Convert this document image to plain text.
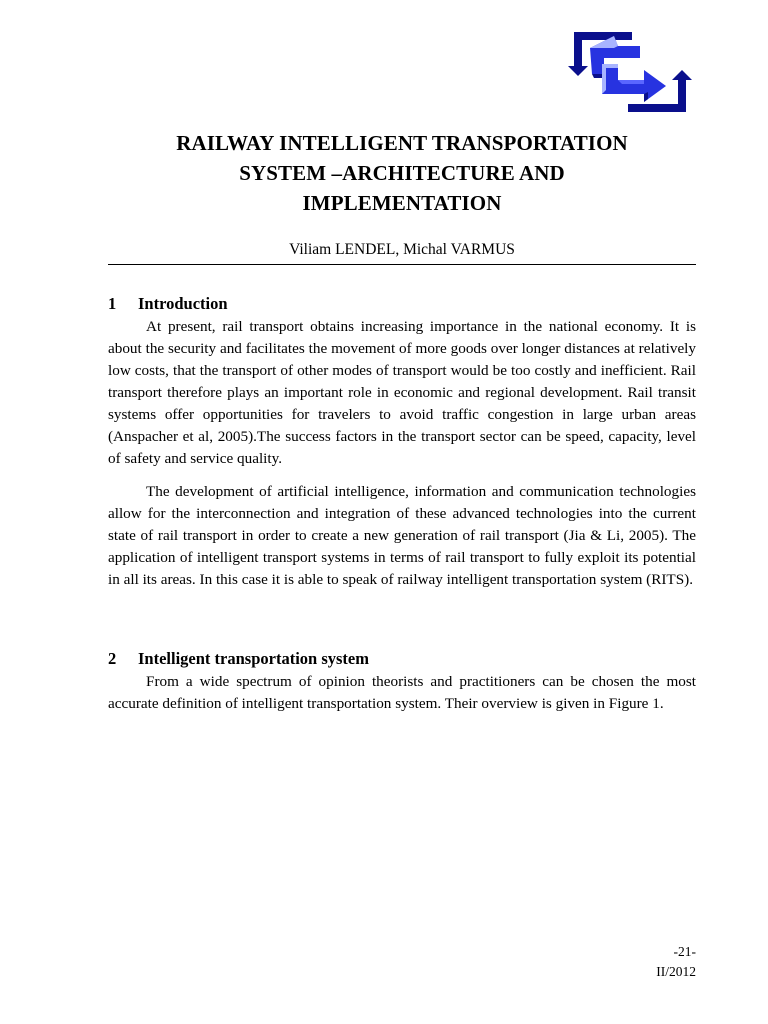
RAILWAY INTELLIGENT TRANSPORTATION
SYSTEM –ARCHITECTURE AND
IMPLEMENTATION
Viliam LENDEL, Michal VARMUS
1	Introduction

At present, rail transport obtains increasing importance in the national economy. It is about the security and facilitates the movement of more goods over longer distances at relatively low costs, that the transport of other modes of transport would be too costly and inefficient. Rail transport therefore plays an important role in economic and regional development. Rail transit systems offer opportunities for travelers to avoid traffic congestion in large urban areas (Anspacher et al, 2005).The success factors in the transport sector can be speed, capacity, level of safety and service quality.

The development of artificial intelligence, information and communication technologies allow for the interconnection and integration of these advanced technologies into the current state of rail transport in order to create a new generation of rail transport (Jia & Li, 2005). The application of intelligent transport systems in terms of rail transport to fully exploit its potential in all its areas. In this case it is able to speak of railway intelligent transportation system (RITS).

2	Intelligent transportation system

From a wide spectrum of opinion theorists and practitioners can be chosen the most accurate definition of intelligent transportation system. Their overview is given in Figure 1.

-21-
II/2012
